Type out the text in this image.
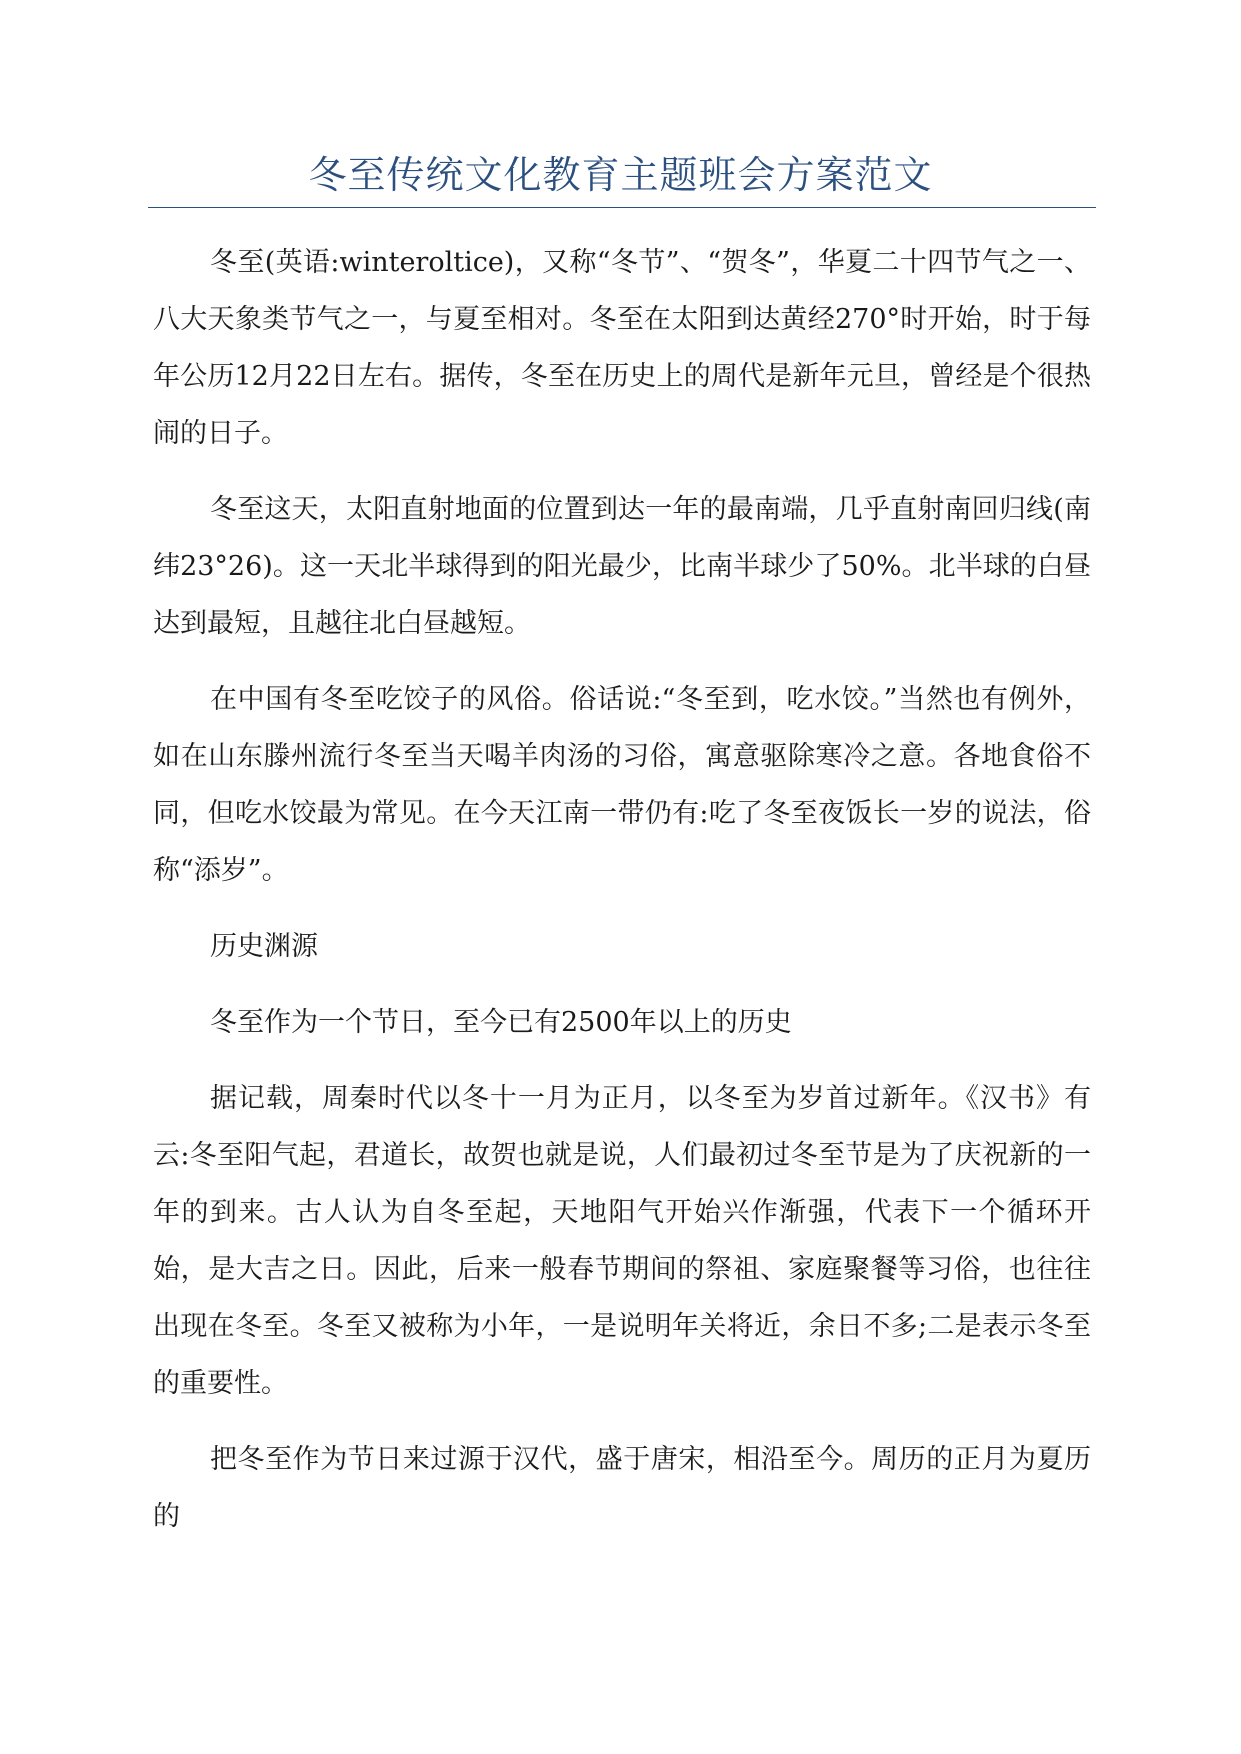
冬至传统文化教育主题班会方案范文

冬至(英语:winteroltice)，又称“冬节”、“贺冬”，华夏二十四节气之一、八大天象类节气之一，与夏至相对。冬至在太阳到达黄经270°时开始，时于每年公历12月22日左右。据传，冬至在历史上的周代是新年元旦，曾经是个很热闹的日子。

冬至这天，太阳直射地面的位置到达一年的最南端，几乎直射南回归线(南纬23°26)。这一天北半球得到的阳光最少，比南半球少了50%。北半球的白昼达到最短，且越往北白昼越短。

在中国有冬至吃饺子的风俗。俗话说:“冬至到，吃水饺。”当然也有例外，如在山东滕州流行冬至当天喝羊肉汤的习俗，寓意驱除寒冷之意。各地食俗不同，但吃水饺最为常见。在今天江南一带仍有:吃了冬至夜饭长一岁的说法，俗称“添岁”。

历史渊源

冬至作为一个节日，至今已有2500年以上的历史

据记载，周秦时代以冬十一月为正月，以冬至为岁首过新年。《汉书》有云:冬至阳气起，君道长，故贺也就是说，人们最初过冬至节是为了庆祝新的一年的到来。古人认为自冬至起，天地阳气开始兴作渐强，代表下一个循环开始，是大吉之日。因此，后来一般春节期间的祭祖、家庭聚餐等习俗，也往往出现在冬至。冬至又被称为小年，一是说明年关将近，余日不多;二是表示冬至的重要性。

把冬至作为节日来过源于汉代，盛于唐宋，相沿至今。周历的正月为夏历的
